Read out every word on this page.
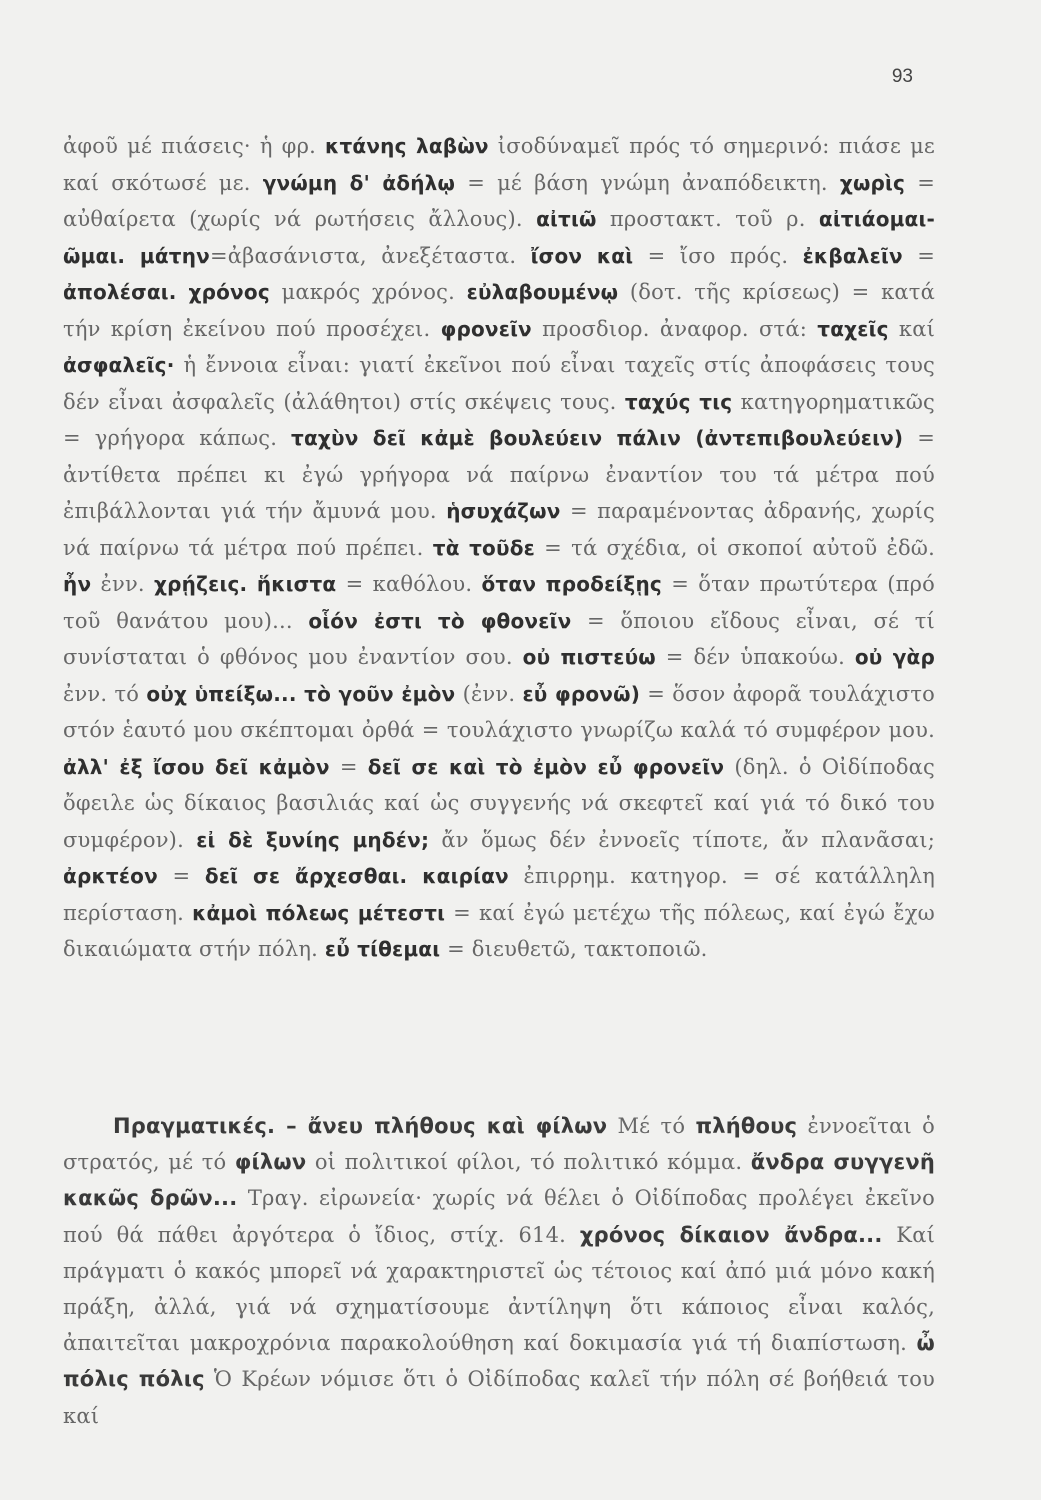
93
ἀφοῦ μέ πιάσεις· ἡ φρ. κτάνης λαβὼν ἰσοδύναμεῖ πρός τό σημερινό: πιάσε με καί σκότωσέ με. γνώμη δ' ἀδήλῳ = μέ βάση γνώμη ἀναπόδεικτη. χωρὶς = αὐθαίρετα (χωρίς νά ρωτήσεις ἄλλους). αἰτιῶ προστακτ. τοῦ ρ. αἰτιάομαι-ῶμαι. μάτην=ἀβασάνιστα, ἀνεξέταστα. ἴσον καὶ = ἴσο πρός. ἐκβαλεῖν = ἀπολέσαι. χρόνος μακρός χρόνος. εὐλαβουμένῳ (δοτ. τῆς κρίσεως) = κατά τήν κρίση ἐκείνου πού προσέχει. φρονεῖν προσδιορ. ἀναφορ. στά: ταχεῖς καί ἀσφαλεῖς· ἡ ἔννοια εἶναι: γιατί ἐκεῖνοι πού εἶναι ταχεῖς στίς ἀποφάσεις τους δέν εἶναι ἀσφαλεῖς (ἀλάθητοι) στίς σκέψεις τους. ταχύς τις κατηγορηματικῶς = γρήγορα κάπως. ταχὺν δεῖ κἀμὲ βουλεύειν πάλιν (ἀντεπιβουλεύειν) = ἀντίθετα πρέπει κι ἐγώ γρήγορα νά παίρνω ἐναντίον του τά μέτρα πού ἐπιβάλλονται γιά τήν ἄμυνά μου. ἡσυχάζων = παραμένοντας ἀδρανής, χωρίς νά παίρνω τά μέτρα πού πρέπει. τὰ τοῦδε = τά σχέδια, οἱ σκοποί αὐτοῦ ἐδῶ. ἦν ἐνν. χρῄζεις. ἥκιστα = καθόλου. ὅταν προδείξῃς = ὅταν πρωτύτερα (πρό τοῦ θανάτου μου)... οἷόν ἐστι τὸ φθονεῖν = ὅποιου εἴδους εἶναι, σέ τί συνίσταται ὁ φθόνος μου ἐναντίον σου. οὐ πιστεύω = δέν ὑπακούω. οὐ γὰρ ἐνν. τό οὐχ ὑπείξω... τὸ γοῦν ἐμὸν (ἐνν. εὖ φρονῶ) = ὅσον ἀφορᾶ τουλάχιστο στόν ἑαυτό μου σκέπτομαι ὀρθά = τουλάχιστο γνωρίζω καλά τό συμφέρον μου. ἀλλ' ἐξ ἴσου δεῖ κἀμὸν = δεῖ σε καὶ τὸ ἐμὸν εὖ φρονεῖν (δηλ. ὁ Οἰδίποδας ὄφειλε ὡς δίκαιος βασιλιάς καί ὡς συγγενής νά σκεφτεῖ καί γιά τό δικό του συμφέρον). εἰ δὲ ξυνίης μηδέν; ἄν ὅμως δέν ἐννοεῖς τίποτε, ἄν πλανᾶσαι; ἀρκτέον = δεῖ σε ἄρχεσθαι. καιρίαν ἐπιρρημ. κατηγορ. = σέ κατάλληλη περίσταση. κἀμοὶ πόλεως μέτεστι = καί ἐγώ μετέχω τῆς πόλεως, καί ἐγώ ἔχω δικαιώματα στήν πόλη. εὖ τίθεμαι = διευθετῶ, τακτοποιῶ.
Πραγματικές. – ἄνευ πλήθους καὶ φίλων Μέ τό πλήθους ἐννοεῖται ὁ στρατός, μέ τό φίλων οἱ πολιτικοί φίλοι, τό πολιτικό κόμμα. ἄνδρα συγγενῆ κακῶς δρῶν... Τραγ. εἰρωνεία· χωρίς νά θέλει ὁ Οἰδίποδας προλέγει ἐκεῖνο πού θά πάθει ἀργότερα ὁ ἴδιος, στίχ. 614. χρόνος δίκαιον ἄνδρα... Καί πράγματι ὁ κακός μπορεῖ νά χαρακτηριστεῖ ὡς τέτοιος καί ἀπό μιά μόνο κακή πράξη, ἀλλά, γιά νά σχηματίσουμε ἀντίληψη ὅτι κάποιος εἶναι καλός, ἀπαιτεῖται μακροχρόνια παρακολούθηση καί δοκιμασία γιά τή διαπίστωση. ὦ πόλις πόλις Ὁ Κρέων νόμισε ὅτι ὁ Οἰδίποδας καλεῖ τήν πόλη σέ βοήθειά του καί
